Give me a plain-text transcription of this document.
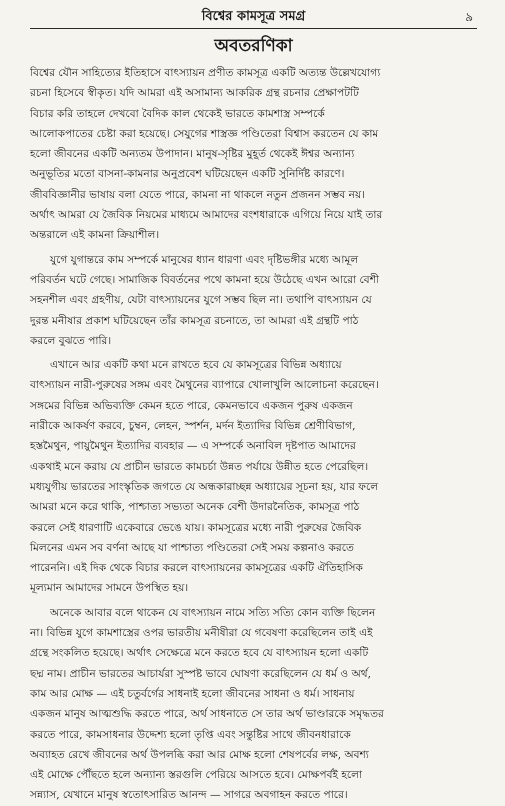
বিশ্বের কামসূত্র সমগ্র	৯
অবতরণিকা

বিশ্বের যৌন সাহিত্যের ইতিহাসে বাৎস্যায়ন প্রণীত কামসূত্র একটি অত্যন্ত উল্লেখযোগ্য
রচনা হিসেবে স্বীকৃত। যদি আমরা এই অসামান্য আকরিক গ্রন্থ রচনার প্রেক্ষাপটটি
বিচার করি তাহলে দেখবো বৈদিক কাল থেকেই ভারতে কামশাস্ত্র সম্পর্কে
আলোকপাতের চেষ্টা করা হয়েছে। সেযুগের শাস্ত্রজ্ঞ পণ্ডিতেরা বিশ্বাস করতেন যে কাম
হলো জীবনের একটি অন্যতম উপাদান। মানুষ-সৃষ্টির মুহূর্ত থেকেই ঈশ্বর অন্যান্য
অনুভূতির মতো বাসনা-কামনার অনুপ্রবেশ ঘটিয়েছেন একটি সুনির্দিষ্ট কারণে।
জীববিজ্ঞানীর ভাষায় বলা যেতে পারে, কামনা না থাকলে নতুন প্রজনন সম্ভব নয়।
অর্থাৎ আমরা যে জৈবিক নিয়মের মাধ্যমে আমাদের বংশধারাকে এগিয়ে নিয়ে যাই তার
অন্তরালে এই কামনা ক্রিয়াশীল।

যুগে যুগান্তরে কাম সম্পর্কে মানুষের ধ্যান ধারণা এবং দৃষ্টিভঙ্গীর মধ্যে আমূল
পরিবর্তন ঘটে গেছে। সামাজিক বিবর্তনের পথে কামনা হয়ে উঠেছে এখন আরো বেশী
সহনশীল এবং গ্রহণীয়, যেটা বাৎস্যায়নের যুগে সম্ভব ছিল না। তথাপি বাৎস্যায়ন যে
দুরন্ত মনীষার প্রকাশ ঘটিয়েছেন তাঁর কামসূত্র রচনাতে, তা আমরা এই গ্রন্থটি পাঠ
করলে বুঝতে পারি।

এখানে আর একটি কথা মনে রাখতে হবে যে কামসূত্রের বিভিন্ন অধ্যায়ে
বাৎস্যায়ন নারী-পুরুষের সঙ্গম এবং মৈথুনের ব্যাপারে খোলাখুলি আলোচনা করেছেন।
সঙ্গমের বিভিন্ন অভিব্যক্তি কেমন হতে পারে, কেমনভাবে একজন পুরুষ একজন
নারীকে আকর্ষণ করবে, চুম্বন, লেহন, স্পর্শন, মর্দন ইত্যাদির বিভিন্ন শ্রেণীবিভাগ,
হস্তমৈথুন, পায়ুমৈথুন ইত্যাদির ব্যবহার — এ সম্পর্কে অনাবিল দৃষ্টপাত আমাদের
একথাই মনে করায় যে প্রাচীন ভারতে কামচর্চা উন্নত পর্যায়ে উন্নীত হতে পেরেছিল।
মধ্যযুগীয় ভারতের সাংস্কৃতিক জগতে যে অন্ধকারাচ্ছন্ন অধ্যায়ের সূচনা হয়, যার ফলে
আমরা মনে করে থাকি, পাশ্চাত্য সভ্যতা অনেক বেশী উদারনৈতিক, কামসূত্র পাঠ
করলে সেই ধারণাটি একেবারে ভেঙে যায়। কামসূত্রের মধ্যে নারী পুরুষের জৈবিক
মিলনের এমন সব বর্ণনা আছে যা পাশ্চাত্য পণ্ডিতেরা সেই সময় কল্পনাও করতে
পারেননি। এই দিক থেকে বিচার করলে বাৎস্যায়নের কামসূত্রের একটি ঐতিহাসিক
মূল্যমান আমাদের সামনে উপস্থিত হয়।

অনেকে আবার বলে থাকেন যে বাৎস্যায়ন নামে সত্যি সত্যি কোন ব্যক্তি ছিলেন
না। বিভিন্ন যুগে কামশাস্ত্রের ওপর ভারতীয় মনীষীরা যে গবেষণা করেছিলেন তাই এই
গ্রন্থে সংকলিত হয়েছে। অর্থাৎ সেক্ষেত্রে মনে করতে হবে যে বাৎস্যায়ন হলো একটি
ছদ্ম নাম। প্রাচীন ভারতের আচার্যরা সুস্পষ্ট ভাবে ঘোষণা করেছিলেন যে ধর্ম ও অর্থ,
কাম আর মোক্ষ — এই চতুর্বর্গের সাধনাই হলো জীবনের সাধনা ও ধর্ম। সাধনায়
একজন মানুষ আত্মশুদ্ধি করতে পারে, অর্থ সাধনাতে সে তার অর্থ ভাণ্ডারকে সমৃদ্ধতর
করতে পারে, কামসাধনার উদ্দেশ্য হলো তৃপ্তি এবং সন্তুষ্টির সাথে জীবনধারাকে
অব্যাহত রেখে জীবনের অর্থ উপলব্ধি করা আর মোক্ষ হলো শেষপর্বের লক্ষ, অবশ্য
এই মোক্ষে পৌঁছতে হলে অন্যান্য স্তরগুলি পেরিয়ে আসতে হবে। মোক্ষপর্বই হলো
সন্ন্যাস, যেখানে মানুষ স্বতোৎসারিত আনন্দ — সাগরে অবগাহন করতে পারে।
